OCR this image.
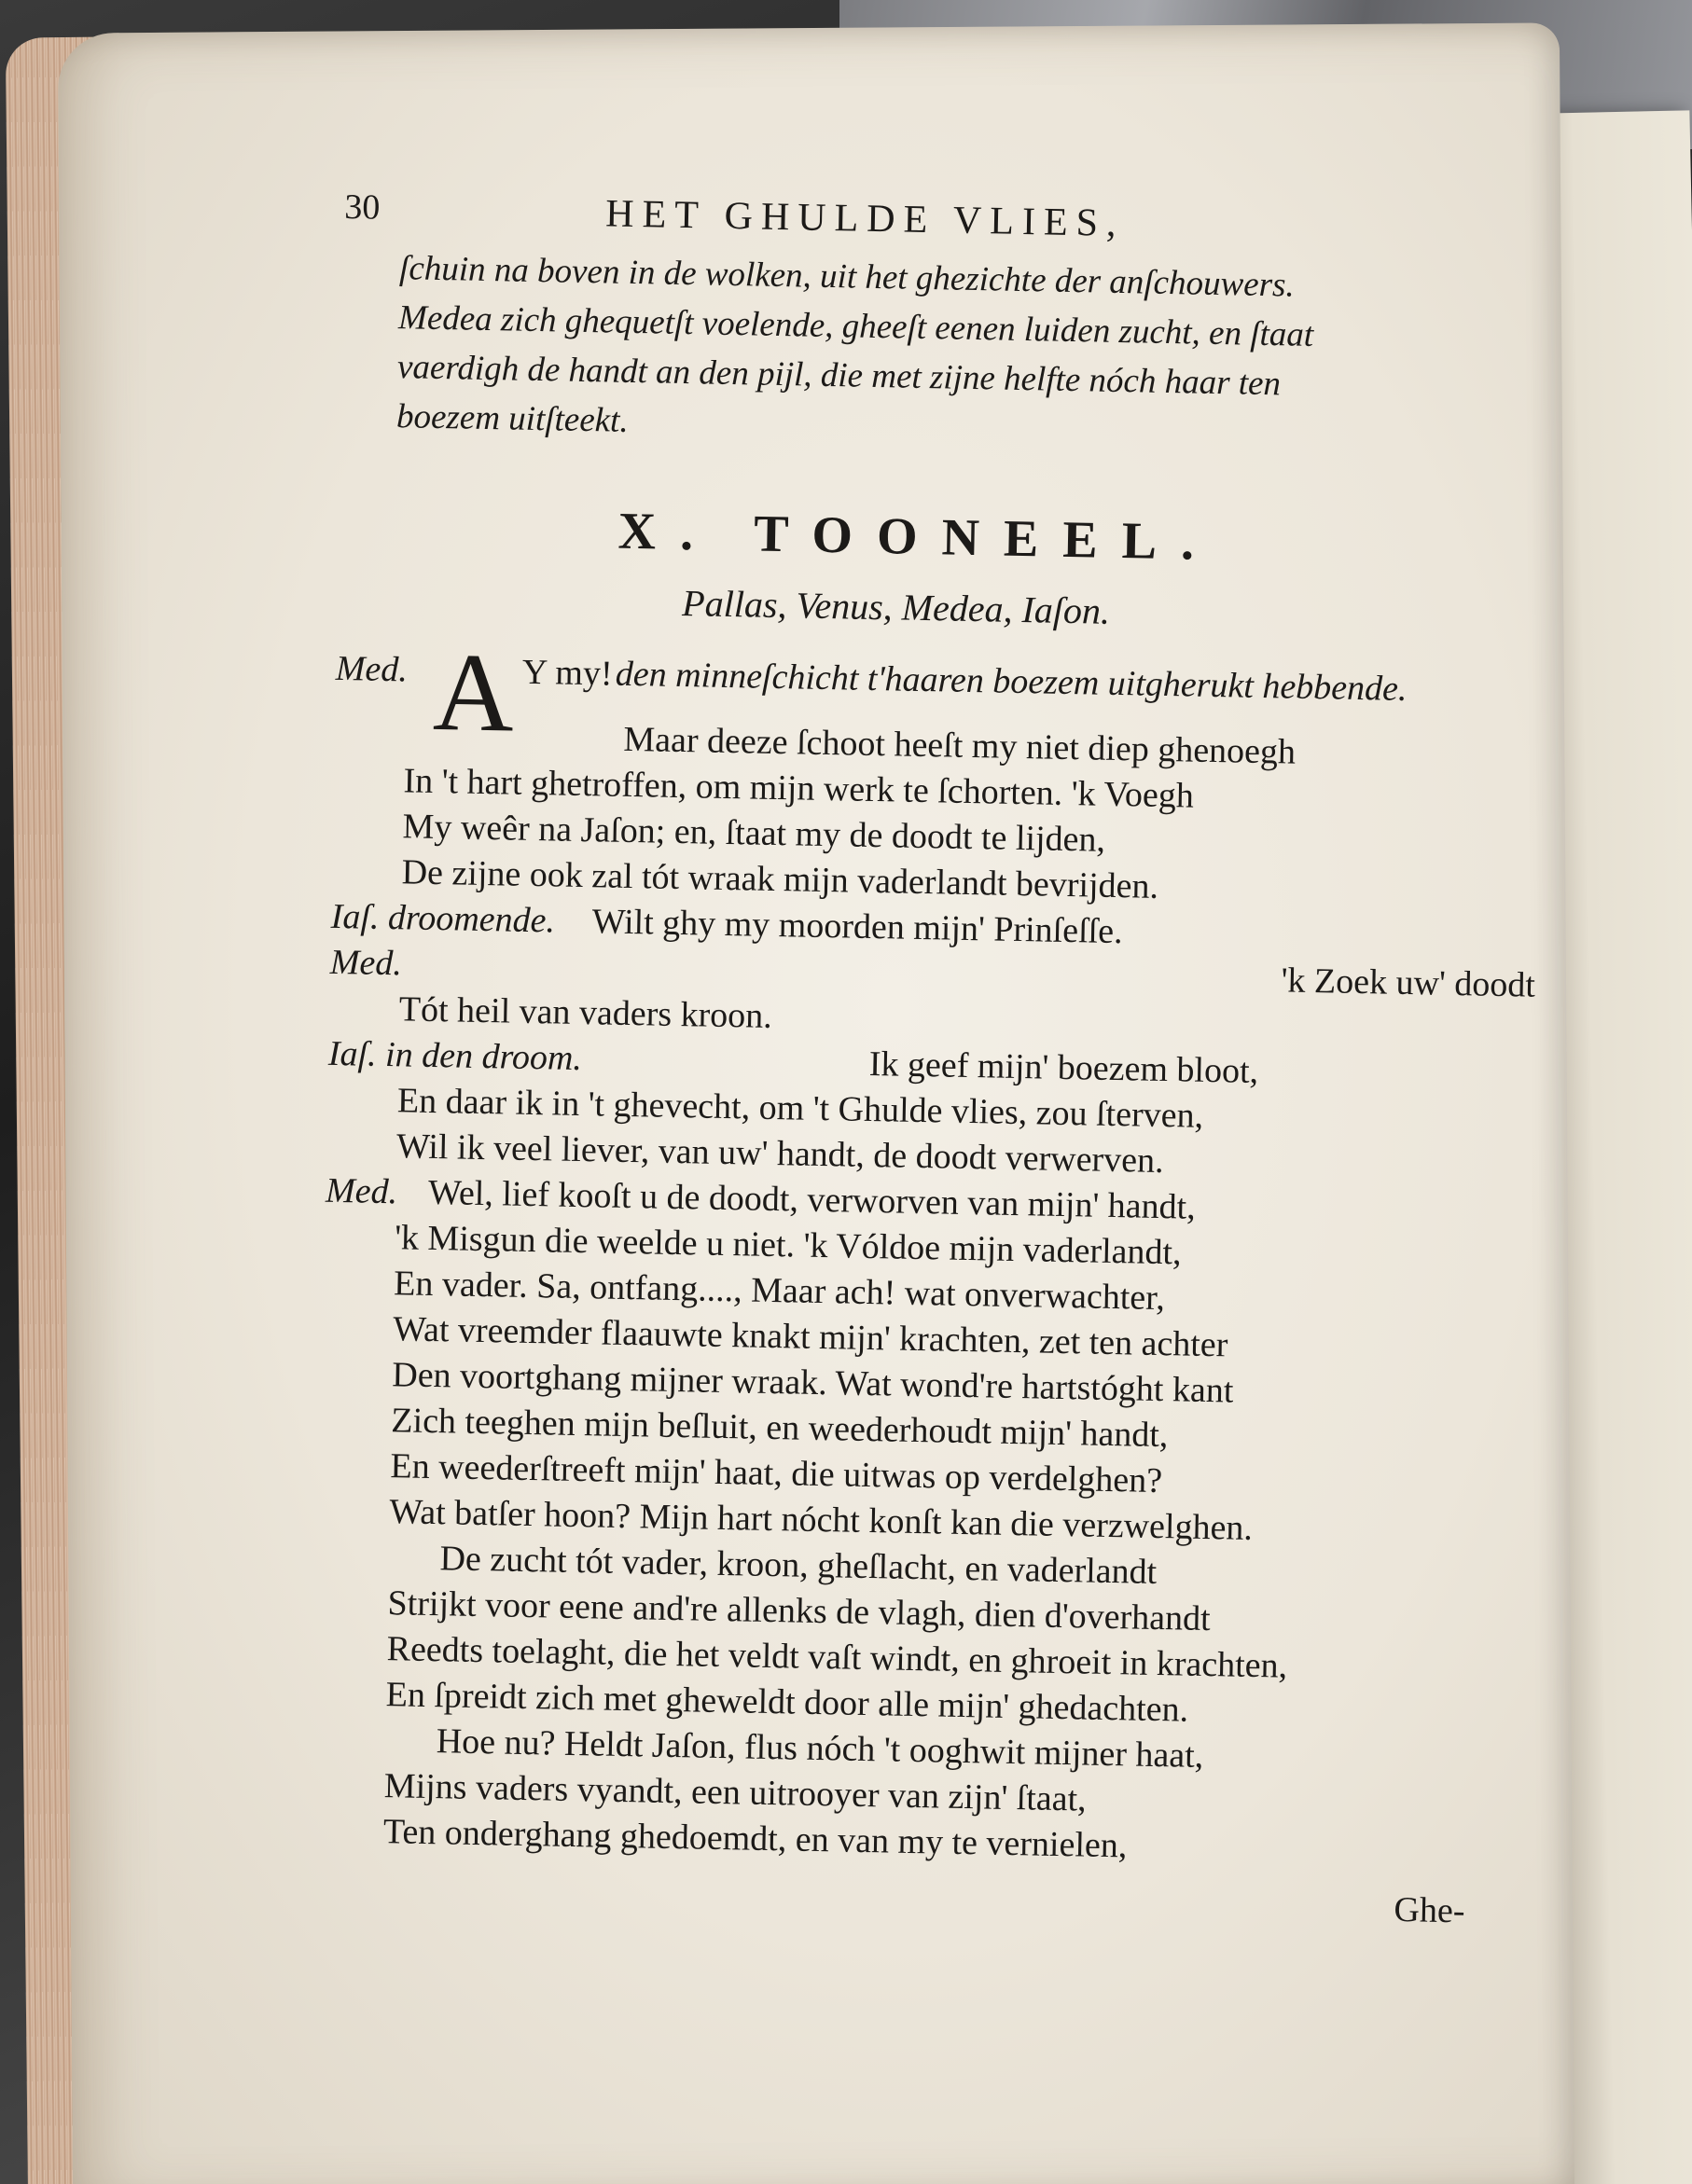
30	HET GHULDE VLIES,
ſchuin na boven in de wolken, uit het ghezichte der anſchouwers.
Medea zich ghequetſt voelende, gheeſt eenen luiden zucht, en ſtaat
vaerdigh de handt an den pijl, die met zijne helfte nóch haar ten
boezem uitſteekt.
X. TOONEEL.
Pallas, Venus, Medea, Iaſon.
Med. A Y my! den minneſchicht t'haaren boezem uitgherukt hebbende.
Maar deeze ſchoot heeſt my niet diep ghenoegh
In 't hart ghetroffen, om mijn werk te ſchorten. 'k Voegh
My weêr na Jaſon; en, ſtaat my de doodt te lijden,
De zijne ook zal tót wraak mijn vaderlandt bevrijden.
Iaſ. droomende. Wilt ghy my moorden mijn' Prinſeſſe.
Med.	'k Zoek uw' doodt
Tót heil van vaders kroon.
Iaſ. in den droom.	Ik geef mijn' boezem bloot,
En daar ik in 't ghevecht, om 't Ghulde vlies, zou ſterven,
Wil ik veel liever, van uw' handt, de doodt verwerven.
Med. Wel, lief kooſt u de doodt, verworven van mijn' handt,
'k Misgun die weelde u niet. 'k Vóldoe mijn vaderlandt,
En vader. Sa, ontfang...., Maar ach! wat onverwachter,
Wat vreemder flaauwte knakt mijn' krachten, zet ten achter
Den voortghang mijner wraak. Wat wond're hartstóght kant
Zich teeghen mijn beſluit, en weederhoudt mijn' handt,
En weederſtreeft mijn' haat, die uitwas op verdelghen?
Wat batſer hoon? Mijn hart nócht konſt kan die verzwelghen.
De zucht tót vader, kroon, gheſlacht, en vaderlandt
Strijkt voor eene and're allenks de vlagh, dien d'overhandt
Reedts toelaght, die het veldt vaſt windt, en ghroeit in krachten,
En ſpreidt zich met gheweldt door alle mijn' ghedachten.
Hoe nu? Heldt Jaſon, flus nóch 't ooghwit mijner haat,
Mijns vaders vyandt, een uitrooyer van zijn' ſtaat,
Ten onderghang ghedoemdt, en van my te vernielen,
Ghe-
